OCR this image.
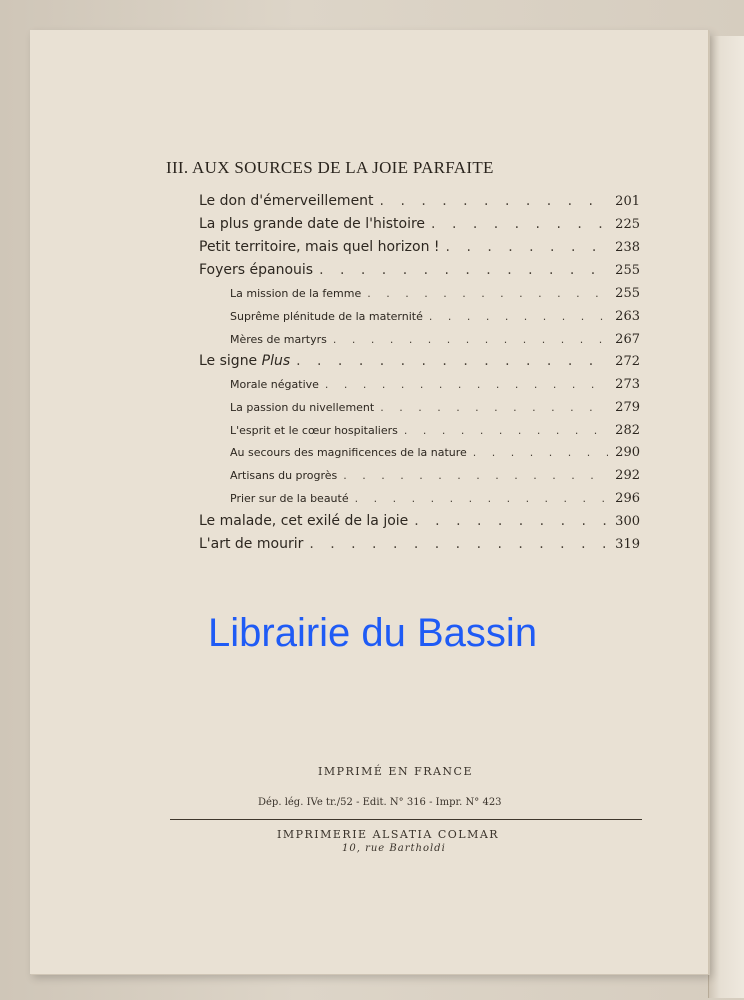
III. AUX SOURCES DE LA JOIE PARFAITE
Le don d'émerveillement . . .	201
La plus grande date de l'histoire . . .	225
Petit territoire, mais quel horizon ! . . .	238
Foyers épanouis . . .	255
La mission de la femme . . .	255
Suprême plénitude de la maternité . . .	263
Mères de martyrs . . .	267
Le signe Plus . . .	272
Morale négative . . .	273
La passion du nivellement . . .	279
L'esprit et le cœur hospitaliers . . .	282
Au secours des magnificences de la nature . . .	290
Artisans du progrès . . .	292
Prier sur de la beauté . . .	296
Le malade, cet exilé de la joie . . .	300
L'art de mourir . . .	319
Librairie du Bassin
IMPRIMÉ EN FRANCE
Dép. lég. IVe tr./52 - Edit. N° 316 - Impr. N° 423
IMPRIMERIE ALSATIA COLMAR
10, rue Bartholdi
